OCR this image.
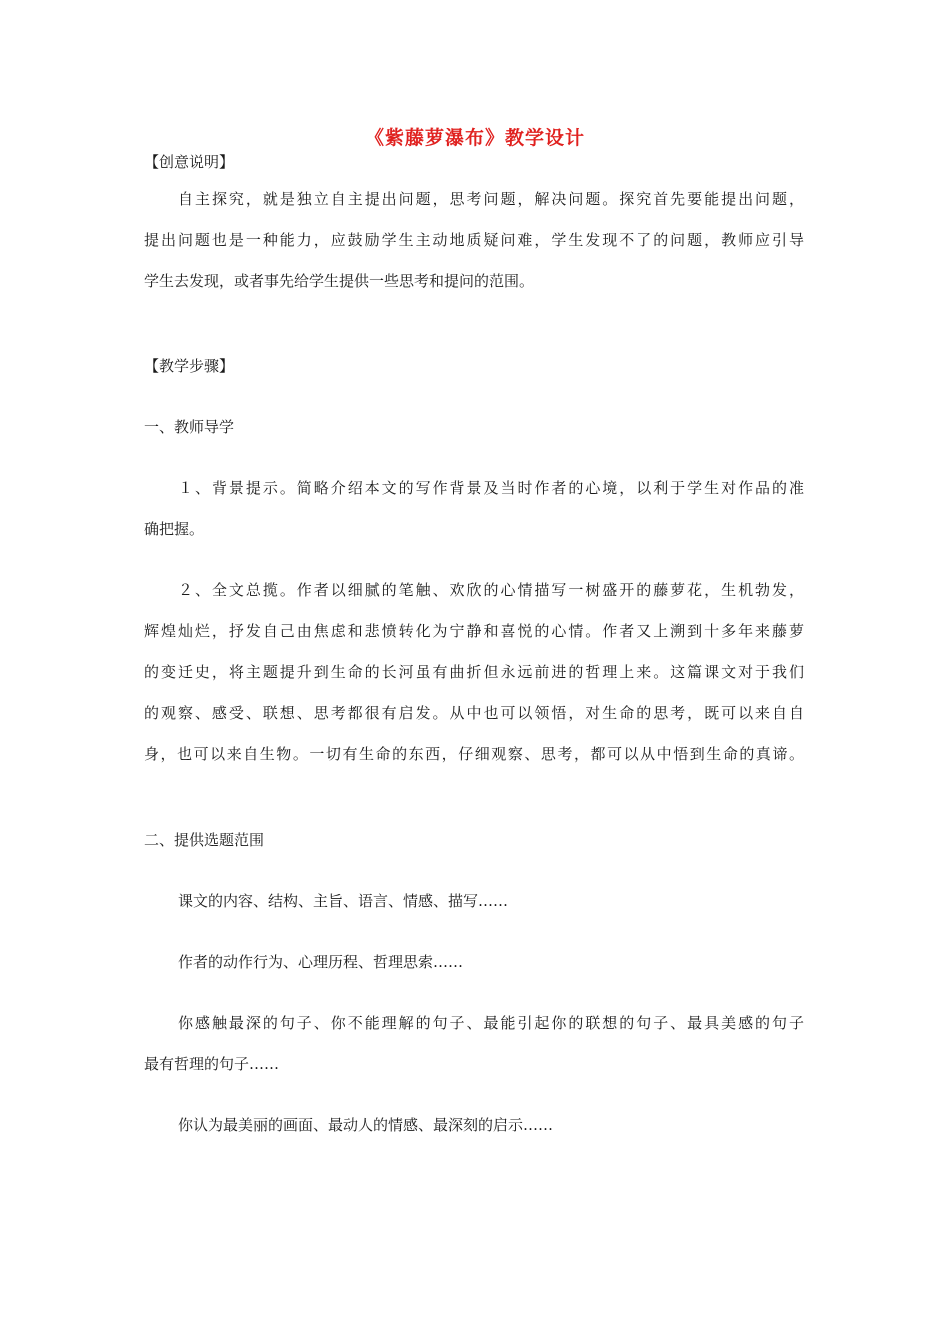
《紫藤萝瀑布》教学设计
【创意说明】
自主探究，就是独立自主提出问题，思考问题，解决问题。探究首先要能提出问题，
提出问题也是一种能力，应鼓励学生主动地质疑问难，学生发现不了的问题，教师应引导
学生去发现，或者事先给学生提供一些思考和提问的范围。
【教学步骤】
一、教师导学
１、背景提示。简略介绍本文的写作背景及当时作者的心境，以利于学生对作品的准
确把握。
２、全文总揽。作者以细腻的笔触、欢欣的心情描写一树盛开的藤萝花，生机勃发，
辉煌灿烂，抒发自己由焦虑和悲愤转化为宁静和喜悦的心情。作者又上溯到十多年来藤萝
的变迁史，将主题提升到生命的长河虽有曲折但永远前进的哲理上来。这篇课文对于我们
的观察、感受、联想、思考都很有启发。从中也可以领悟，对生命的思考，既可以来自自
身，也可以来自生物。一切有生命的东西，仔细观察、思考，都可以从中悟到生命的真谛。
二、提供选题范围
课文的内容、结构、主旨、语言、情感、描写……
作者的动作行为、心理历程、哲理思索……
你感触最深的句子、你不能理解的句子、最能引起你的联想的句子、最具美感的句子
最有哲理的句子……
你认为最美丽的画面、最动人的情感、最深刻的启示……
